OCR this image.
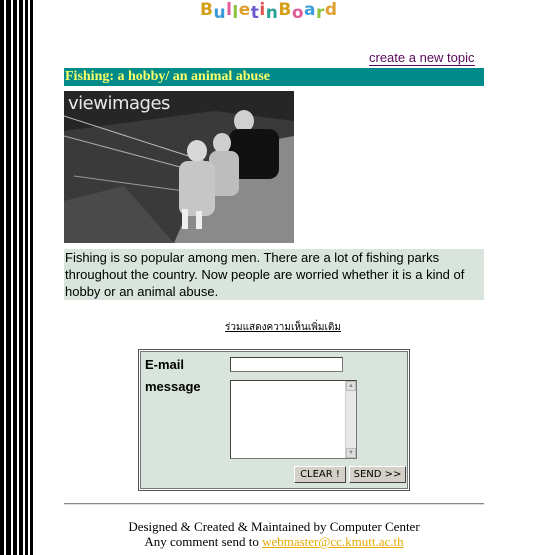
BulletinBoard
create a new topic
Fishing: a hobby/ an animal abuse
viewimages
Fishing is so popular among men. There are a lot of fishing parks throughout the country. Now people are worried whether it is a kind of hobby or an animal abuse.
ร่วมแสดงความเห็นเพิ่มเติม
E-mail
message	▲
▼
CLEAR !	SEND >>
Designed & Created & Maintained by Computer Center
Any comment send to webmaster@cc.kmutt.ac.th
